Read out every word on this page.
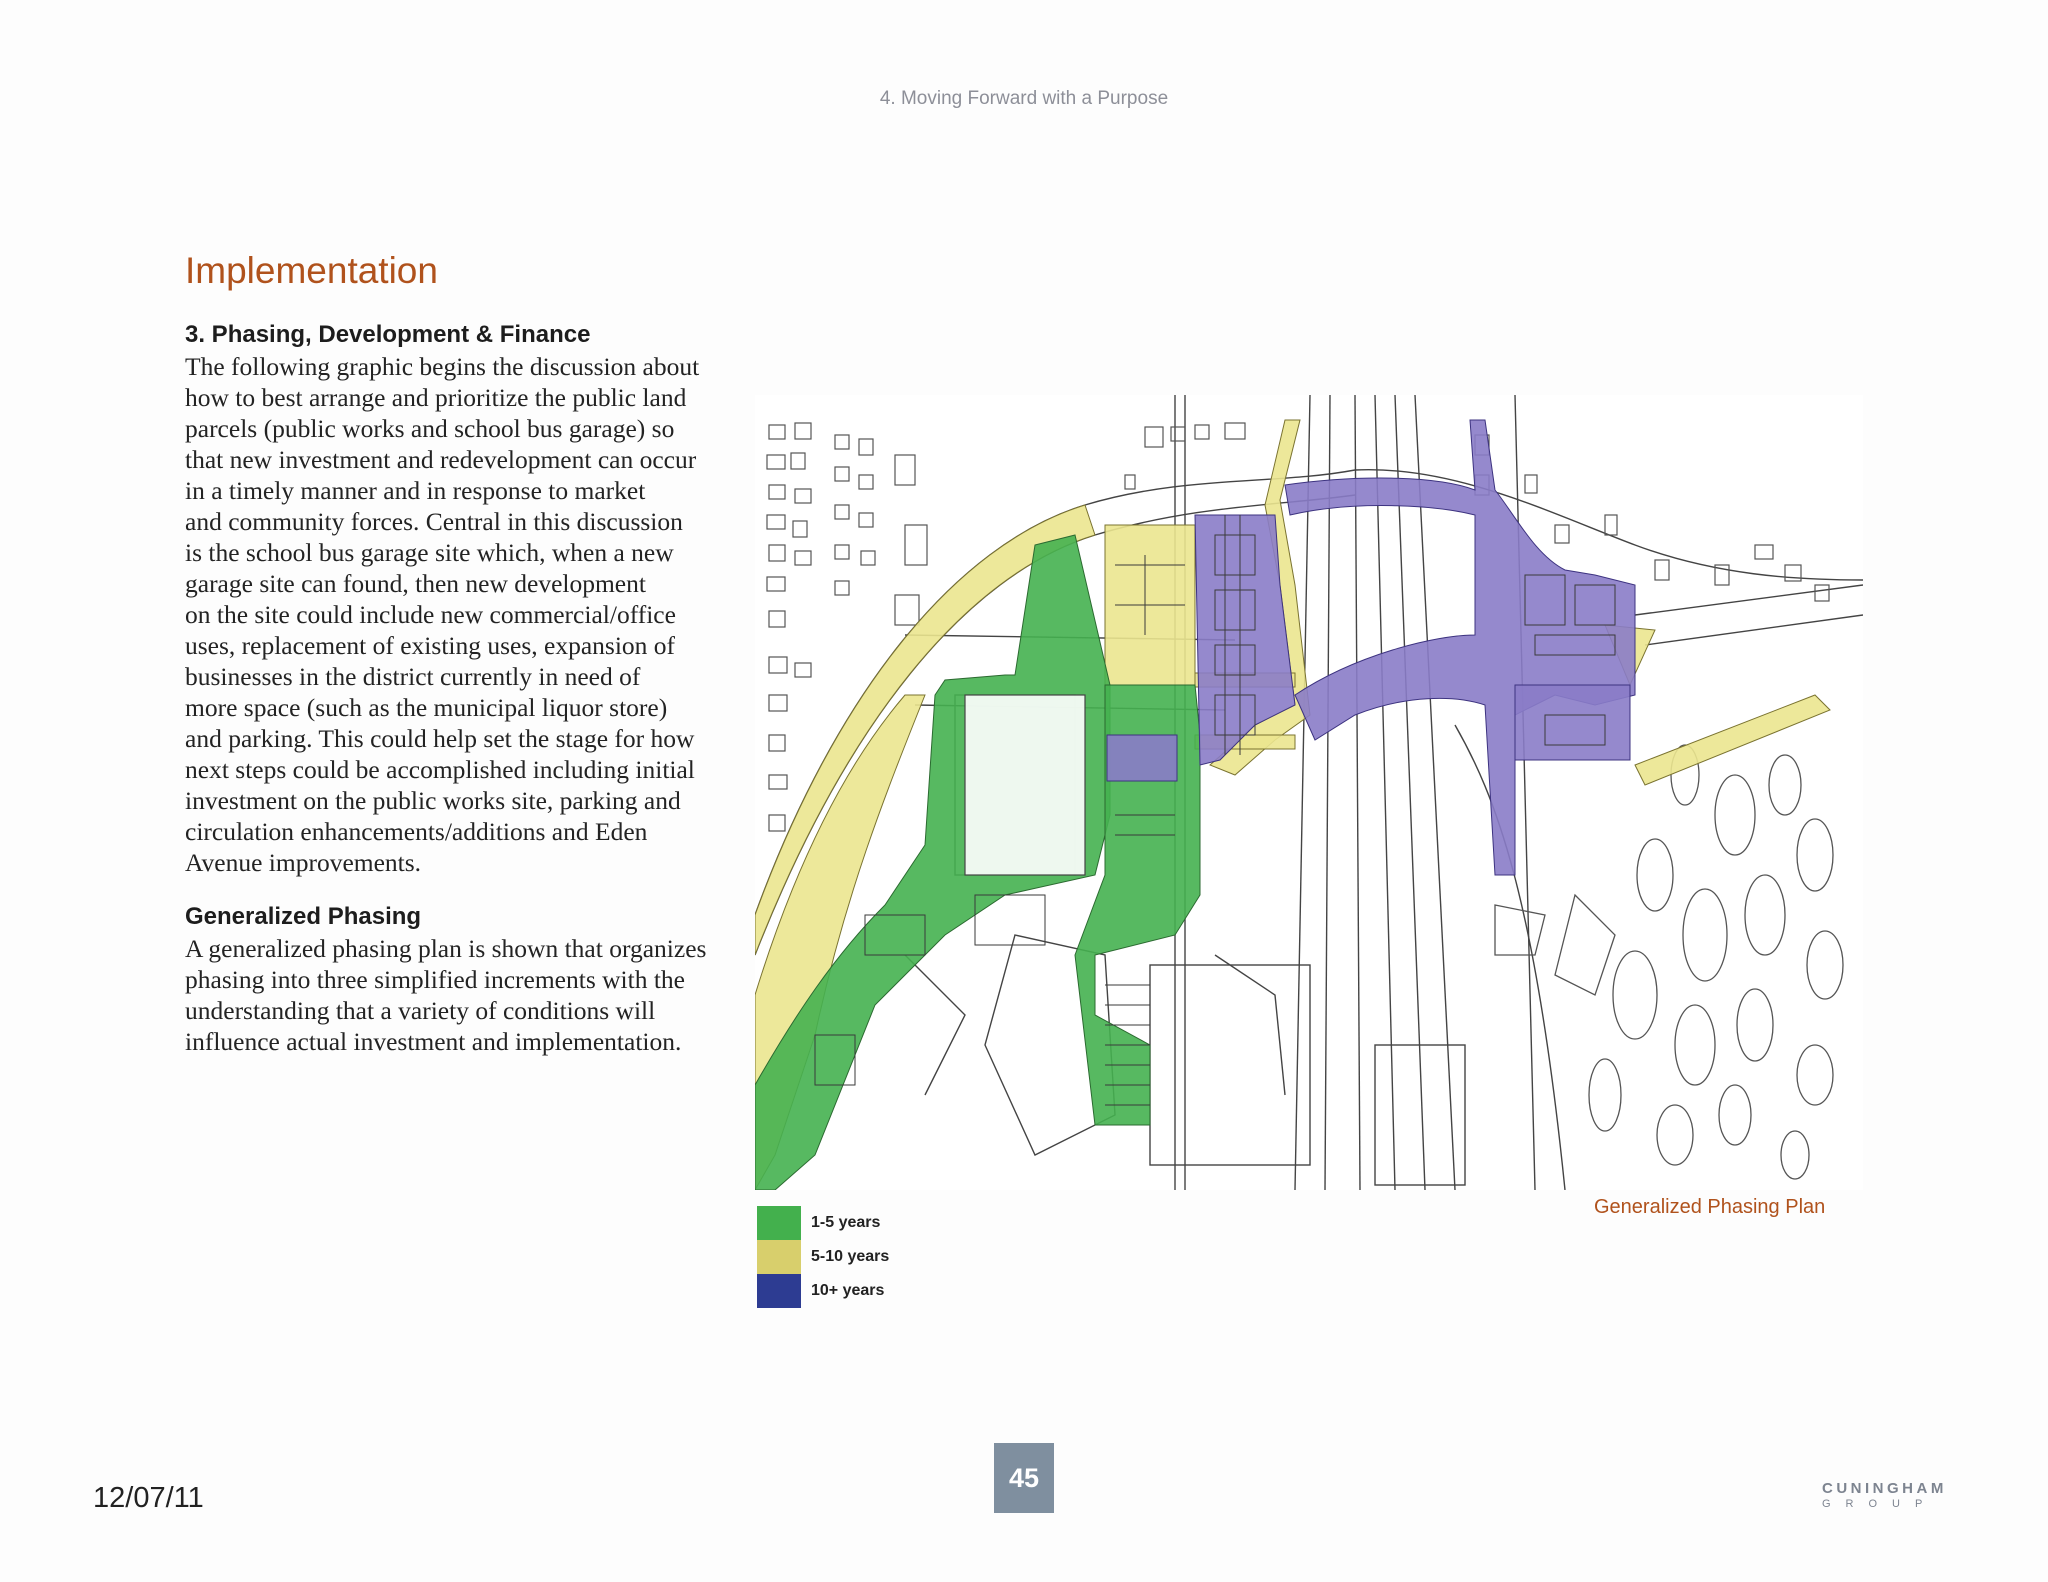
4. Moving Forward with a Purpose
Implementation

3. Phasing, Development & Finance

The following graphic begins the discussion about

how to best arrange and prioritize the public land

parcels (public works and school bus garage) so

that new investment and redevelopment can occur

in a timely manner and in response to market

and community forces. Central in this discussion

is the school bus garage site which, when a new

garage site can found, then new development

on the site could include new commercial/office

uses, replacement of existing uses, expansion of

businesses in the district currently in need of

more space (such as the municipal liquor store)

and parking. This could help set the stage for how

next steps could be accomplished including initial

investment on the public works site, parking and

circulation enhancements/additions and Eden

Avenue improvements.

Generalized Phasing

A generalized phasing plan is shown that organizes

phasing into three simplified increments with the

understanding that a variety of conditions will

influence actual investment and implementation.

1-5 years
5-10 years
10+ years
Generalized Phasing Plan
12/07/11
45	CUNINGHAM
GROUP
